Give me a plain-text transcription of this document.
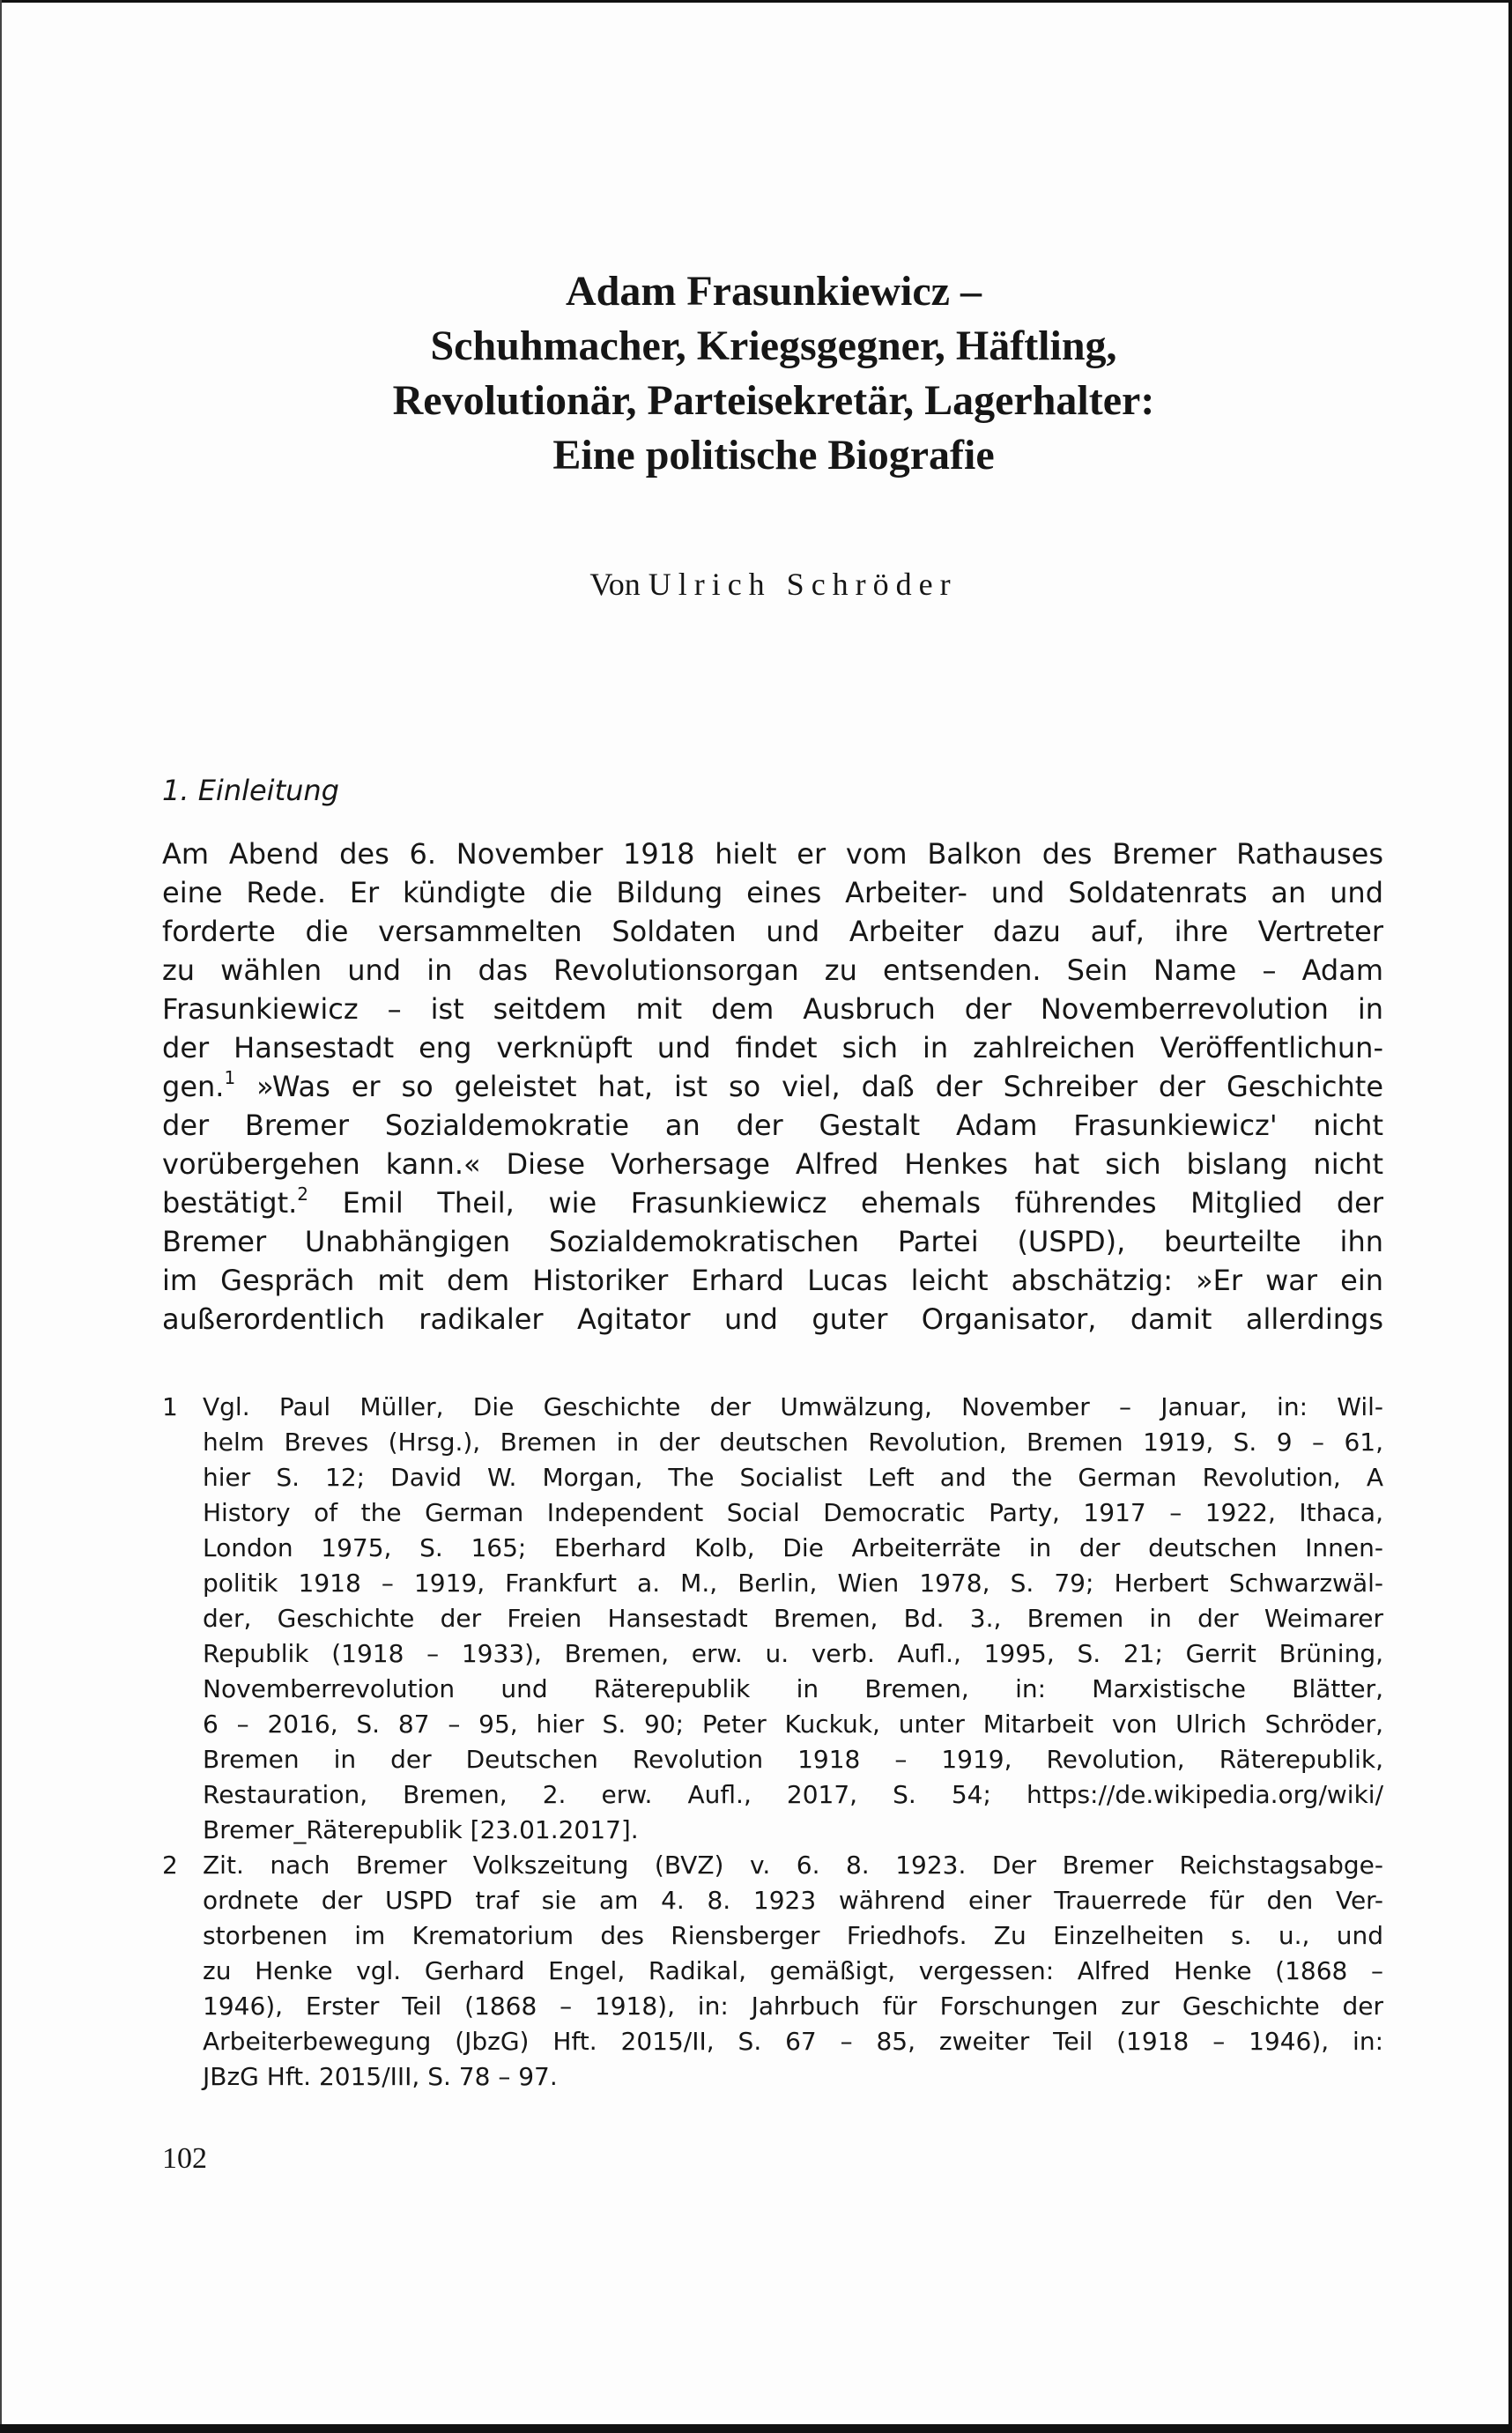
Adam Frasunkiewicz –
Schuhmacher, Kriegsgegner, Häftling,
Revolutionär, Parteisekretär, Lagerhalter:
Eine politische Biografie
Von Ulrich Schröder
1. Einleitung
Am Abend des 6. November 1918 hielt er vom Balkon des Bremer Rathauses
eine Rede. Er kündigte die Bildung eines Arbeiter- und Soldatenrats an und
forderte die versammelten Soldaten und Arbeiter dazu auf, ihre Vertreter
zu wählen und in das Revolutionsorgan zu entsenden. Sein Name – Adam
Frasunkiewicz – ist seitdem mit dem Ausbruch der Novemberrevolution in
der Hansestadt eng verknüpft und findet sich in zahlreichen Veröffentlichun-
gen.$^1$ »Was er so geleistet hat, ist so viel, daß der Schreiber der Geschichte
der Bremer Sozialdemokratie an der Gestalt Adam Frasunkiewicz' nicht
vorübergehen kann.« Diese Vorhersage Alfred Henkes hat sich bislang nicht
bestätigt.$^2$ Emil Theil, wie Frasunkiewicz ehemals führendes Mitglied der
Bremer Unabhängigen Sozialdemokratischen Partei (USPD), beurteilte ihn
im Gespräch mit dem Historiker Erhard Lucas leicht abschätzig: »Er war ein
außerordentlich radikaler Agitator und guter Organisator, damit allerdings
1 Vgl. Paul Müller, Die Geschichte der Umwälzung, November – Januar, in: Wil-
helm Breves (Hrsg.), Bremen in der deutschen Revolution, Bremen 1919, S. 9 – 61,
hier S. 12; David W. Morgan, The Socialist Left and the German Revolution, A
History of the German Independent Social Democratic Party, 1917 – 1922, Ithaca,
London 1975, S. 165; Eberhard Kolb, Die Arbeiterräte in der deutschen Innen-
politik 1918 – 1919, Frankfurt a. M., Berlin, Wien 1978, S. 79; Herbert Schwarzwäl-
der, Geschichte der Freien Hansestadt Bremen, Bd. 3., Bremen in der Weimarer
Republik (1918 – 1933), Bremen, erw. u. verb. Aufl., 1995, S. 21; Gerrit Brüning,
Novemberrevolution und Räterepublik in Bremen, in: Marxistische Blätter,
6 – 2016, S. 87 – 95, hier S. 90; Peter Kuckuk, unter Mitarbeit von Ulrich Schröder,
Bremen in der Deutschen Revolution 1918 – 1919, Revolution, Räterepublik,
Restauration, Bremen, 2. erw. Aufl., 2017, S. 54; https://de.wikipedia.org/wiki/
Bremer_Räterepublik [23.01.2017].
2 Zit. nach Bremer Volkszeitung (BVZ) v. 6. 8. 1923. Der Bremer Reichstagsabge-
ordnete der USPD traf sie am 4. 8. 1923 während einer Trauerrede für den Ver-
storbenen im Krematorium des Riensberger Friedhofs. Zu Einzelheiten s. u., und
zu Henke vgl. Gerhard Engel, Radikal, gemäßigt, vergessen: Alfred Henke (1868 –
1946), Erster Teil (1868 – 1918), in: Jahrbuch für Forschungen zur Geschichte der
Arbeiterbewegung (JbzG) Hft. 2015/II, S. 67 – 85, zweiter Teil (1918 – 1946), in:
JBzG Hft. 2015/III, S. 78 – 97.
102
